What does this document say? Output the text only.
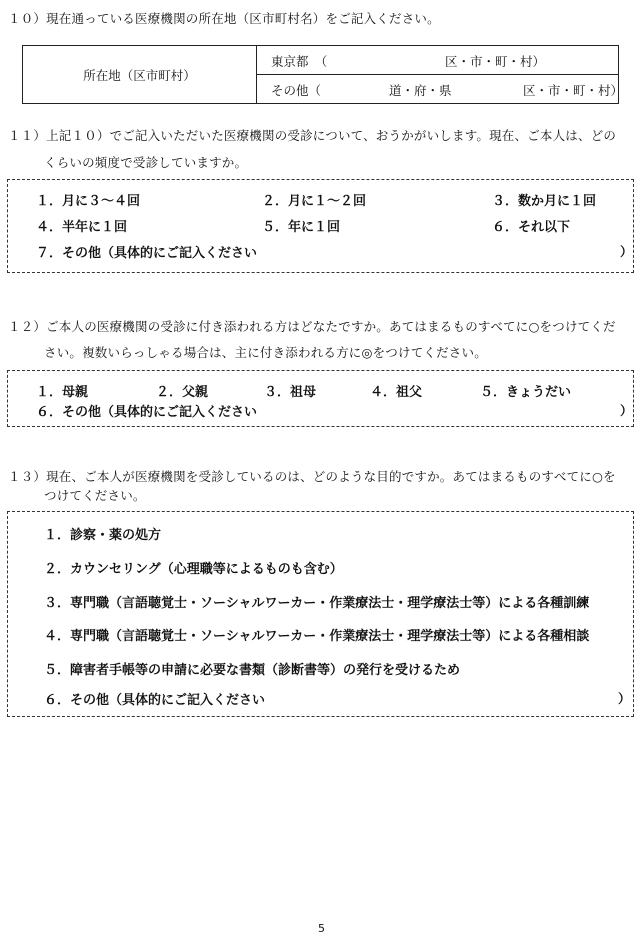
１０）現在通っている医療機関の所在地（区市町村名）をご記入ください。
所在地（区市町村）	
東京都　（	区・市・町・村）

その他（	道・府・県	区・市・町・村）
１１）上記１０）でご記入いただいた医療機関の受診について、おうかがいします。現在、ご本人は、どの
くらいの頻度で受診していますか。
１．月に３～４回	２．月に１～２回	３．数か月に１回
４．半年に１回	５．年に１回	６．それ以下
７．その他（具体的にご記入ください	）
１２）ご本人の医療機関の受診に付き添われる方はどなたですか。あてはまるものすべてに○をつけてくだ
さい。複数いらっしゃる場合は、主に付き添われる方に◎をつけてください。
１．母親	２．父親	３．祖母	４．祖父	５．きょうだい
６．その他（具体的にご記入ください	）
１３）現在、ご本人が医療機関を受診しているのは、どのような目的ですか。あてはまるものすべてに○を
つけてください。
１．診察・薬の処方
２．カウンセリング（心理職等によるものも含む）
３．専門職（言語聴覚士・ソーシャルワーカー・作業療法士・理学療法士等）による各種訓練
４．専門職（言語聴覚士・ソーシャルワーカー・作業療法士・理学療法士等）による各種相談
５．障害者手帳等の申請に必要な書類（診断書等）の発行を受けるため
６．その他（具体的にご記入ください	）
5
